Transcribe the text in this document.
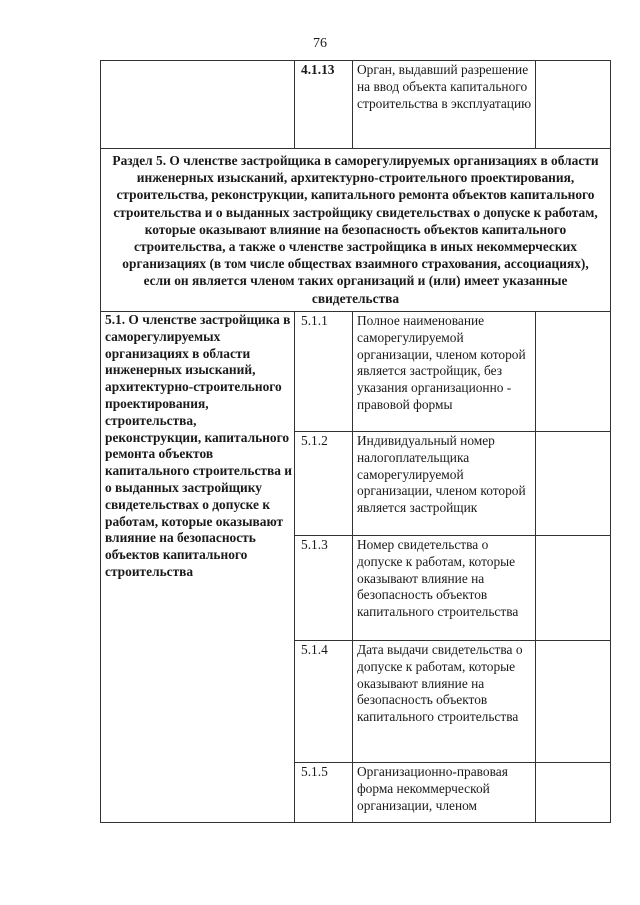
76
	4.1.13	Орган, выдавший разрешение на ввод объекта капитального строительства в эксплуатацию	
Раздел 5. О членстве застройщика в саморегулируемых организациях в области инженерных изысканий, архитектурно-строительного проектирования, строительства, реконструкции, капитального ремонта объектов капитального строительства и о выданных застройщику свидетельствах о допуске к работам, которые оказывают влияние на безопасность объектов капитального строительства, а также о членстве застройщика в иных некоммерческих организациях (в том числе обществах взаимного страхования, ассоциациях), если он является членом таких организаций и (или) имеет указанные свидетельства			
5.1. О членстве застройщика в саморегулируемых организациях в области инженерных изысканий, архитектурно-строительного проектирования, строительства, реконструкции, капитального ремонта объектов капитального строительства и о выданных застройщику свидетельствах о допуске к работам, которые оказывают влияние на безопасность объектов капитального строительства	5.1.1	Полное наименование саморегулируемой организации, членом которой является застройщик, без указания организационно - правовой формы	
	5.1.2	Индивидуальный номер налогоплательщика саморегулируемой организации, членом которой является застройщик	
	5.1.3	Номер свидетельства о допуске к работам, которые оказывают влияние на безопасность объектов капитального строительства	
	5.1.4	Дата выдачи свидетельства о допуске к работам, которые оказывают влияние на безопасность объектов капитального строительства	
	5.1.5	Организационно-правовая форма некоммерческой организации, членом	
